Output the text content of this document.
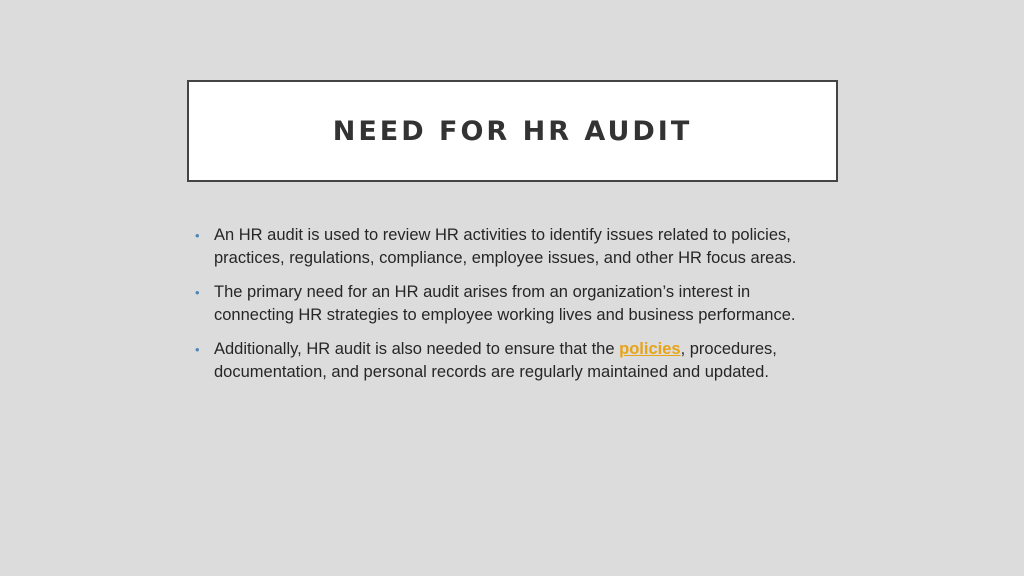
NEED FOR HR AUDIT
• An HR audit is used to review HR activities to identify issues related to policies, practices, regulations, compliance, employee issues, and other HR focus areas.
• The primary need for an HR audit arises from an organization’s interest in connecting HR strategies to employee working lives and business performance.
• Additionally, HR audit is also needed to ensure that the policies, procedures, documentation, and personal records are regularly maintained and updated.
